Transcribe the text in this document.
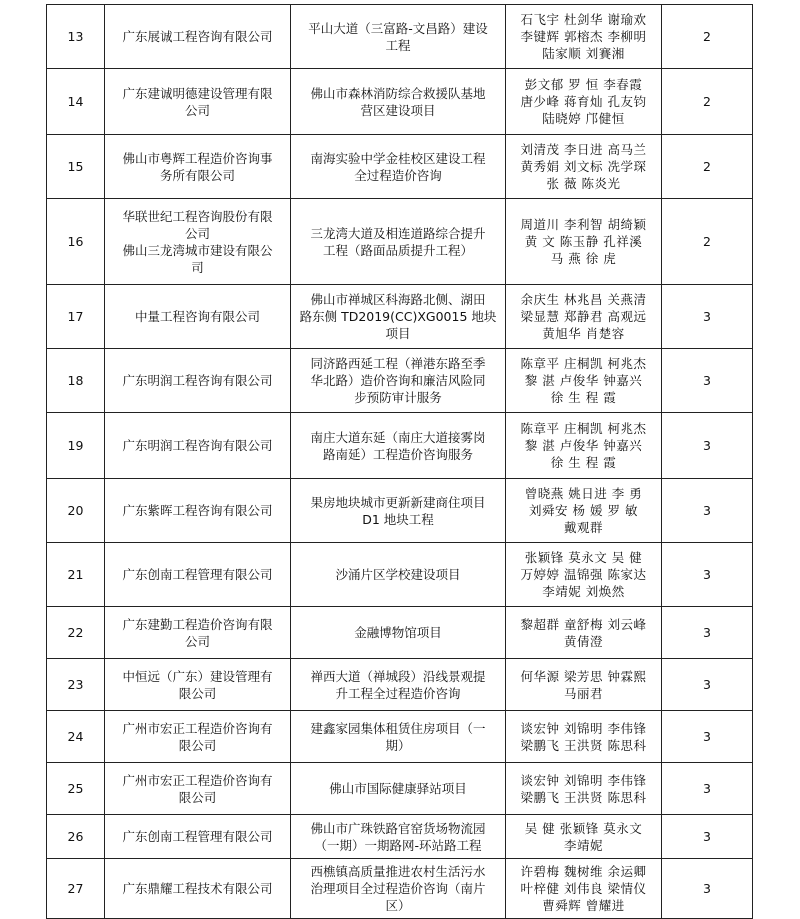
13	广东展诚工程咨询有限公司	平山大道（三富路-文昌路）建设
工程	石飞宇 杜剑华 谢瑜欢
李键辉 郭榕杰 李柳明
陆家顺 刘賽湘	2
14	广东建诚明德建设管理有限
公司	佛山市森林消防综合救援队基地
营区建设项目	彭文郁 罗 恒 李春霞
唐少峰 蒋育灿 孔友钧
陆晓婷 邝健恒	2
15	佛山市粤辉工程造价咨询事
务所有限公司	南海实验中学金桂校区建设工程
全过程造价咨询	刘清茂 李日进 高马兰
黄秀娟 刘文标 冼学琛
张 薇 陈炎光	2
16	华联世纪工程咨询股份有限
公司
佛山三龙湾城市建设有限公
司	三龙湾大道及相连道路综合提升
工程（路面品质提升工程）	周道川 李利智 胡绮颖
黄 文 陈玉静 孔祥溪
马 燕 徐 虎	2
17	中量工程咨询有限公司	佛山市禅城区科海路北侧、湖田
路东侧 TD2019(CC)XG0015 地块
项目	余庆生 林兆昌 关燕清
梁显慧 郑静君 高观远
黄旭华 肖楚容	3
18	广东明润工程咨询有限公司	同济路西延工程（禅港东路至季
华北路）造价咨询和廉洁风险同
步预防审计服务	陈章平 庄桐凯 柯兆杰
黎 湛 卢俊华 钟嘉兴
徐 生 程 霞	3
19	广东明润工程咨询有限公司	南庄大道东延（南庄大道接雾岗
路南延）工程造价咨询服务	陈章平 庄桐凯 柯兆杰
黎 湛 卢俊华 钟嘉兴
徐 生 程 霞	3
20	广东紫晖工程咨询有限公司	果房地块城市更新新建商住项目
D1 地块工程	曾晓燕 姚日进 李 勇
刘舜安 杨 媛 罗 敏
戴观群	3
21	广东创南工程管理有限公司	沙涌片区学校建设项目	张颖锋 莫永文 吴 健
万婷婷 温锦强 陈家达
李靖妮 刘焕然	3
22	广东建勤工程造价咨询有限
公司	金融博物馆项目	黎超群 童舒梅 刘云峰
黄倩澄	3
23	中恒远（广东）建设管理有
限公司	禅西大道（禅城段）沿线景观提
升工程全过程造价咨询	何华源 梁芳思 钟霖熙
马丽君	3
24	广州市宏正工程造价咨询有
限公司	建鑫家园集体租赁住房项目（一
期）	谈宏钟 刘锦明 李伟锋
梁鹏飞 王洪贤 陈思科	3
25	广州市宏正工程造价咨询有
限公司	佛山市国际健康驿站项目	谈宏钟 刘锦明 李伟锋
梁鹏飞 王洪贤 陈思科	3
26	广东创南工程管理有限公司	佛山市广珠铁路官窑货场物流园
（一期）一期路网-环站路工程	吴 健 张颖锋 莫永文
李靖妮	3
27	广东鼎耀工程技术有限公司	西樵镇高质量推进农村生活污水
治理项目全过程造价咨询（南片
区）	许碧梅 魏树维 余运卿
叶梓健 刘伟良 梁情仪
曹舜辉 曾耀进	3
